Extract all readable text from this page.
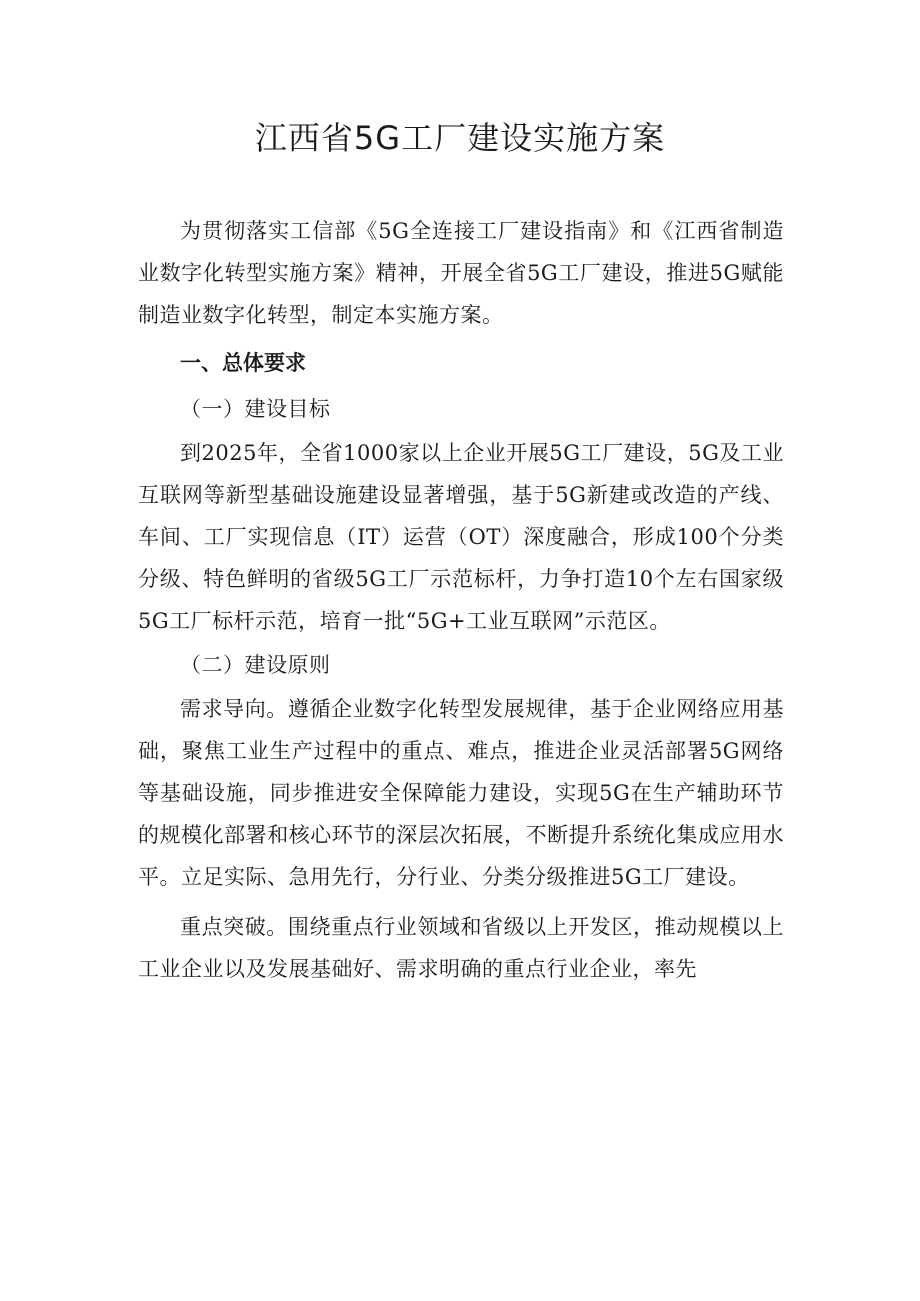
江西省5G工厂建设实施方案

为贯彻落实工信部《5G全连接工厂建设指南》和《江西省制造业数字化转型实施方案》精神，开展全省5G工厂建设，推进5G赋能制造业数字化转型，制定本实施方案。

一、总体要求
（一）建设目标

到2025年，全省1000家以上企业开展5G工厂建设，5G及工业互联网等新型基础设施建设显著增强，基于5G新建或改造的产线、车间、工厂实现信息（IT）运营（OT）深度融合，形成100个分类分级、特色鲜明的省级5G工厂示范标杆，力争打造10个左右国家级5G工厂标杆示范，培育一批“5G+工业互联网”示范区。

（二）建设原则

需求导向。遵循企业数字化转型发展规律，基于企业网络应用基础，聚焦工业生产过程中的重点、难点，推进企业灵活部署5G网络等基础设施，同步推进安全保障能力建设，实现5G在生产辅助环节的规模化部署和核心环节的深层次拓展，不断提升系统化集成应用水平。立足实际、急用先行，分行业、分类分级推进5G工厂建设。

重点突破。围绕重点行业领域和省级以上开发区，推动规模以上工业企业以及发展基础好、需求明确的重点行业企业，率先
